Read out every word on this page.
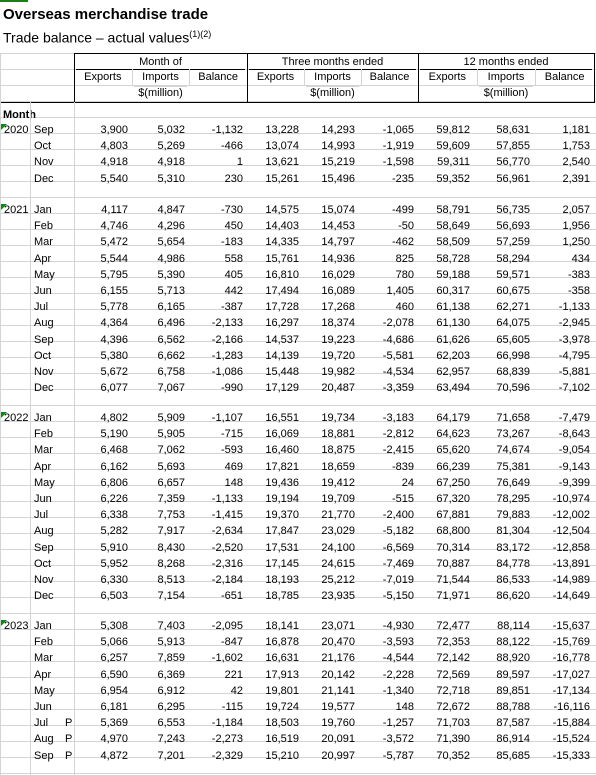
Overseas merchandise trade
Trade balance – actual values$^{(1)(2)}$
Month of
Exports	Imports	Balance
$(million)
Three months ended
Exports	Imports	Balance
$(million)
12 months ended
Exports	Imports	Balance
$(million)
Month
2020 Sep	3,900	5,032	-1,132	13,228	14,293	-1,065	59,812	58,631	1,181
Oct	4,803	5,269	-466	13,074	14,993	-1,919	59,609	57,855	1,753
Nov	4,918	4,918	1	13,621	15,219	-1,598	59,311	56,770	2,540
Dec	5,540	5,310	230	15,261	15,496	-235	59,352	56,961	2,391
2021 Jan	4,117	4,847	-730	14,575	15,074	-499	58,791	56,735	2,057
Feb	4,746	4,296	450	14,403	14,453	-50	58,649	56,693	1,956
Mar	5,472	5,654	-183	14,335	14,797	-462	58,509	57,259	1,250
Apr	5,544	4,986	558	15,761	14,936	825	58,728	58,294	434
May	5,795	5,390	405	16,810	16,029	780	59,188	59,571	-383
Jun	6,155	5,713	442	17,494	16,089	1,405	60,317	60,675	-358
Jul	5,778	6,165	-387	17,728	17,268	460	61,138	62,271	-1,133
Aug	4,364	6,496	-2,133	16,297	18,374	-2,078	61,130	64,075	-2,945
Sep	4,396	6,562	-2,166	14,537	19,223	-4,686	61,626	65,605	-3,978
Oct	5,380	6,662	-1,283	14,139	19,720	-5,581	62,203	66,998	-4,795
Nov	5,672	6,758	-1,086	15,448	19,982	-4,534	62,957	68,839	-5,881
Dec	6,077	7,067	-990	17,129	20,487	-3,359	63,494	70,596	-7,102
2022 Jan	4,802	5,909	-1,107	16,551	19,734	-3,183	64,179	71,658	-7,479
Feb	5,190	5,905	-715	16,069	18,881	-2,812	64,623	73,267	-8,643
Mar	6,468	7,062	-593	16,460	18,875	-2,415	65,620	74,674	-9,054
Apr	6,162	5,693	469	17,821	18,659	-839	66,239	75,381	-9,143
May	6,806	6,657	148	19,436	19,412	24	67,250	76,649	-9,399
Jun	6,226	7,359	-1,133	19,194	19,709	-515	67,320	78,295	-10,974
Jul	6,338	7,753	-1,415	19,370	21,770	-2,400	67,881	79,883	-12,002
Aug	5,282	7,917	-2,634	17,847	23,029	-5,182	68,800	81,304	-12,504
Sep	5,910	8,430	-2,520	17,531	24,100	-6,569	70,314	83,172	-12,858
Oct	5,952	8,268	-2,316	17,145	24,615	-7,469	70,887	84,778	-13,891
Nov	6,330	8,513	-2,184	18,193	25,212	-7,019	71,544	86,533	-14,989
Dec	6,503	7,154	-651	18,785	23,935	-5,150	71,971	86,620	-14,649
2023 Jan	5,308	7,403	-2,095	18,141	23,071	-4,930	72,477	88,114	-15,637
Feb	5,066	5,913	-847	16,878	20,470	-3,593	72,353	88,122	-15,769
Mar	6,257	7,859	-1,602	16,631	21,176	-4,544	72,142	88,920	-16,778
Apr	6,590	6,369	221	17,913	20,142	-2,228	72,569	89,597	-17,027
May	6,954	6,912	42	19,801	21,141	-1,340	72,718	89,851	-17,134
Jun	6,181	6,295	-115	19,724	19,577	148	72,672	88,788	-16,116
Jul P	5,369	6,553	-1,184	18,503	19,760	-1,257	71,703	87,587	-15,884
Aug P	4,970	7,243	-2,273	16,519	20,091	-3,572	71,390	86,914	-15,524
Sep P	4,872	7,201	-2,329	15,210	20,997	-5,787	70,352	85,685	-15,333
